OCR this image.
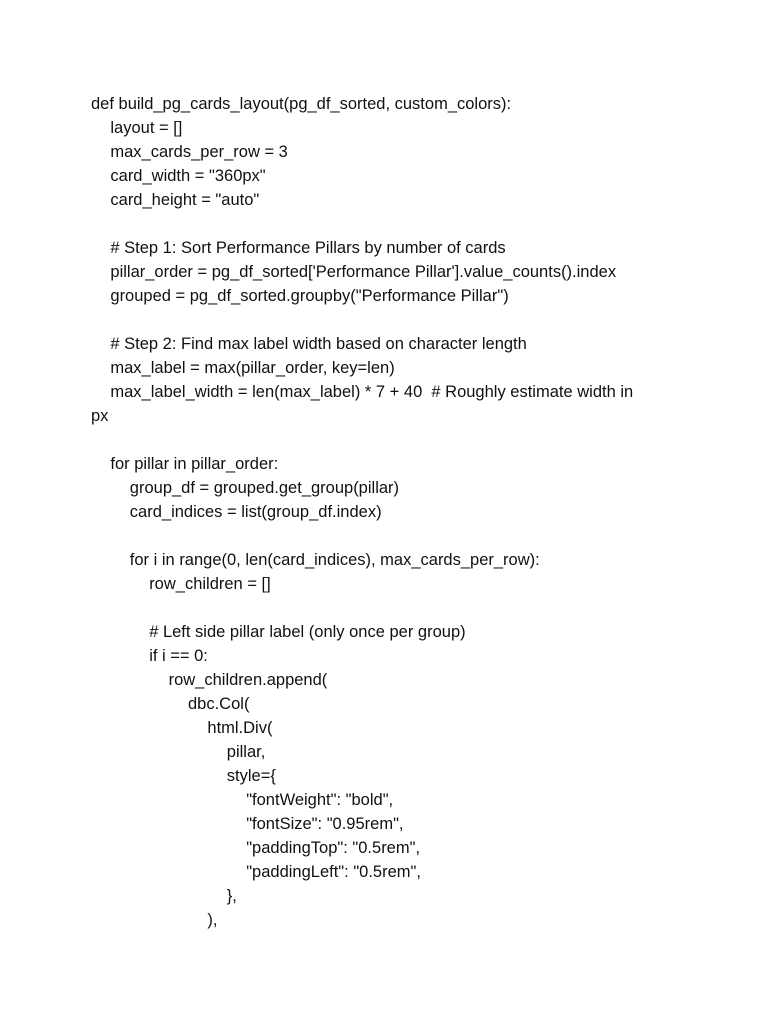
def build_pg_cards_layout(pg_df_sorted, custom_colors):
layout = []
max_cards_per_row = 3
card_width = "360px"
card_height = "auto"
# Step 1: Sort Performance Pillars by number of cards
pillar_order = pg_df_sorted['Performance Pillar'].value_counts().index
grouped = pg_df_sorted.groupby("Performance Pillar")
# Step 2: Find max label width based on character length
max_label = max(pillar_order, key=len)
max_label_width = len(max_label) * 7 + 40  # Roughly estimate width in
px
for pillar in pillar_order:
group_df = grouped.get_group(pillar)
card_indices = list(group_df.index)
for i in range(0, len(card_indices), max_cards_per_row):
row_children = []
# Left side pillar label (only once per group)
if i == 0:
row_children.append(
dbc.Col(
html.Div(
pillar,
style={
"fontWeight": "bold",
"fontSize": "0.95rem",
"paddingTop": "0.5rem",
"paddingLeft": "0.5rem",
},
),
